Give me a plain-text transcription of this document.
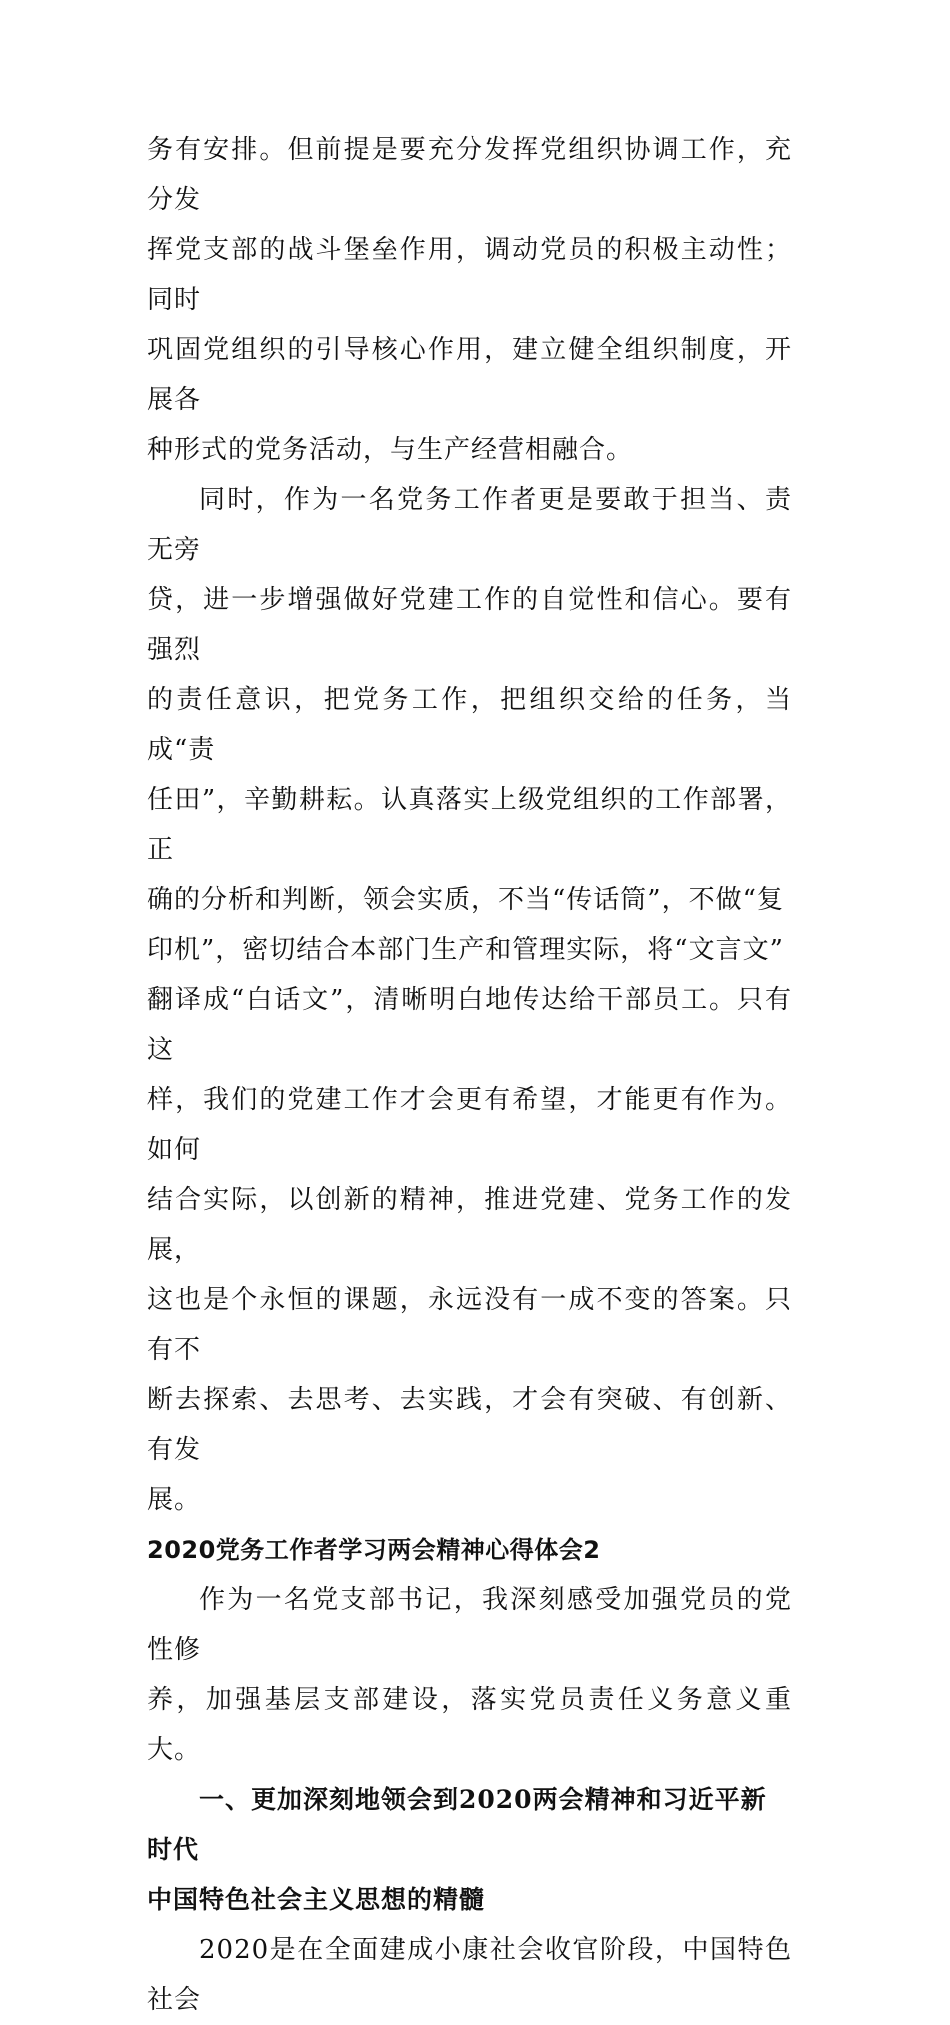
务有安排。但前提是要充分发挥党组织协调工作，充分发
挥党支部的战斗堡垒作用，调动党员的积极主动性；同时
巩固党组织的引导核心作用，建立健全组织制度，开展各
种形式的党务活动，与生产经营相融合。
同时，作为一名党务工作者更是要敢于担当、责无旁
贷，进一步增强做好党建工作的自觉性和信心。要有强烈
的责任意识，把党务工作，把组织交给的任务，当成“责
任田”，辛勤耕耘。认真落实上级党组织的工作部署，正
确的分析和判断，领会实质，不当“传话筒”，不做“复
印机”，密切结合本部门生产和管理实际，将“文言文”
翻译成“白话文”，清晰明白地传达给干部员工。只有这
样，我们的党建工作才会更有希望，才能更有作为。如何
结合实际，以创新的精神，推进党建、党务工作的发展，
这也是个永恒的课题，永远没有一成不变的答案。只有不
断去探索、去思考、去实践，才会有突破、有创新、有发
展。
2020党务工作者学习两会精神心得体会2
作为一名党支部书记，我深刻感受加强党员的党性修
养，加强基层支部建设，落实党员责任义务意义重大。
一、更加深刻地领会到2020两会精神和习近平新时代
中国特色社会主义思想的精髓
2020是在全面建成小康社会收官阶段，中国特色社会
